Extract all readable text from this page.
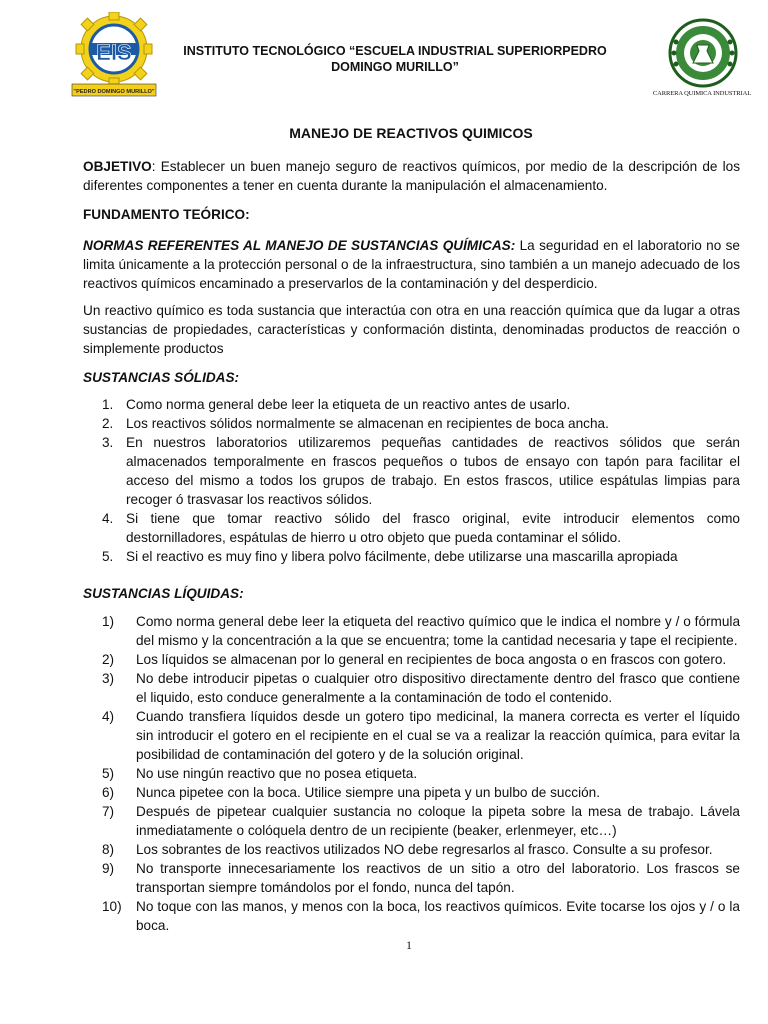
EIS
"PEDRO DOMINGO MURILLO"
INSTITUTO TECNOLÓGICO “ESCUELA INDUSTRIAL SUPERIORPEDRO DOMINGO MURILLO”
CARRERA QUIMICA INDUSTRIAL
MANEJO DE REACTIVOS QUIMICOS

OBJETIVO: Establecer un buen manejo seguro de reactivos químicos, por medio de la descripción de los diferentes componentes a tener en cuenta durante la manipulación el almacenamiento.

FUNDAMENTO TEÓRICO:

NORMAS REFERENTES AL MANEJO DE SUSTANCIAS QUÍMICAS: La seguridad en el laboratorio no se limita únicamente a la protección personal o de la infraestructura, sino también a un manejo adecuado de los reactivos químicos encaminado a preservarlos de la contaminación y del desperdicio.

Un reactivo químico es toda sustancia que interactúa con otra en una reacción química que da lugar a otras sustancias de propiedades, características y conformación distinta, denominadas productos de reacción o simplemente productos

SUSTANCIAS SÓLIDAS:

1. Como norma general debe leer la etiqueta de un reactivo antes de usarlo.
2. Los reactivos sólidos normalmente se almacenan en recipientes de boca ancha.
3. En nuestros laboratorios utilizaremos pequeñas cantidades de reactivos sólidos que serán almacenados temporalmente en frascos pequeños o tubos de ensayo con tapón para facilitar el acceso del mismo a todos los grupos de trabajo. En estos frascos, utilice espátulas limpias para recoger ó trasvasar los reactivos sólidos.
4. Si tiene que tomar reactivo sólido del frasco original, evite introducir elementos como destornilladores, espátulas de hierro u otro objeto que pueda contaminar el sólido.
5. Si el reactivo es muy fino y libera polvo fácilmente, debe utilizarse una mascarilla apropiada

SUSTANCIAS LÍQUIDAS:

1) Como norma general debe leer la etiqueta del reactivo químico que le indica el nombre y / o fórmula del mismo y la concentración a la que se encuentra; tome la cantidad necesaria y tape el recipiente.
2) Los líquidos se almacenan por lo general en recipientes de boca angosta o en frascos con gotero.
3) No debe introducir pipetas o cualquier otro dispositivo directamente dentro del frasco que contiene el liquido, esto conduce generalmente a la contaminación de todo el contenido.
4) Cuando transfiera líquidos desde un gotero tipo medicinal, la manera correcta es verter el líquido sin introducir el gotero en el recipiente en el cual se va a realizar la reacción química, para evitar la posibilidad de contaminación del gotero y de la solución original.
5) No use ningún reactivo que no posea etiqueta.
6) Nunca pipetee con la boca. Utilice siempre una pipeta y un bulbo de succión.
7) Después de pipetear cualquier sustancia no coloque la pipeta sobre la mesa de trabajo. Lávela inmediatamente o colóquela dentro de un recipiente (beaker, erlenmeyer, etc…)
8) Los sobrantes de los reactivos utilizados NO debe regresarlos al frasco. Consulte a su profesor.
9) No transporte innecesariamente los reactivos de un sitio a otro del laboratorio. Los frascos se transportan siempre tomándolos por el fondo, nunca del tapón.
10) No toque con las manos, y menos con la boca, los reactivos químicos. Evite tocarse los ojos y / o la boca.
1
